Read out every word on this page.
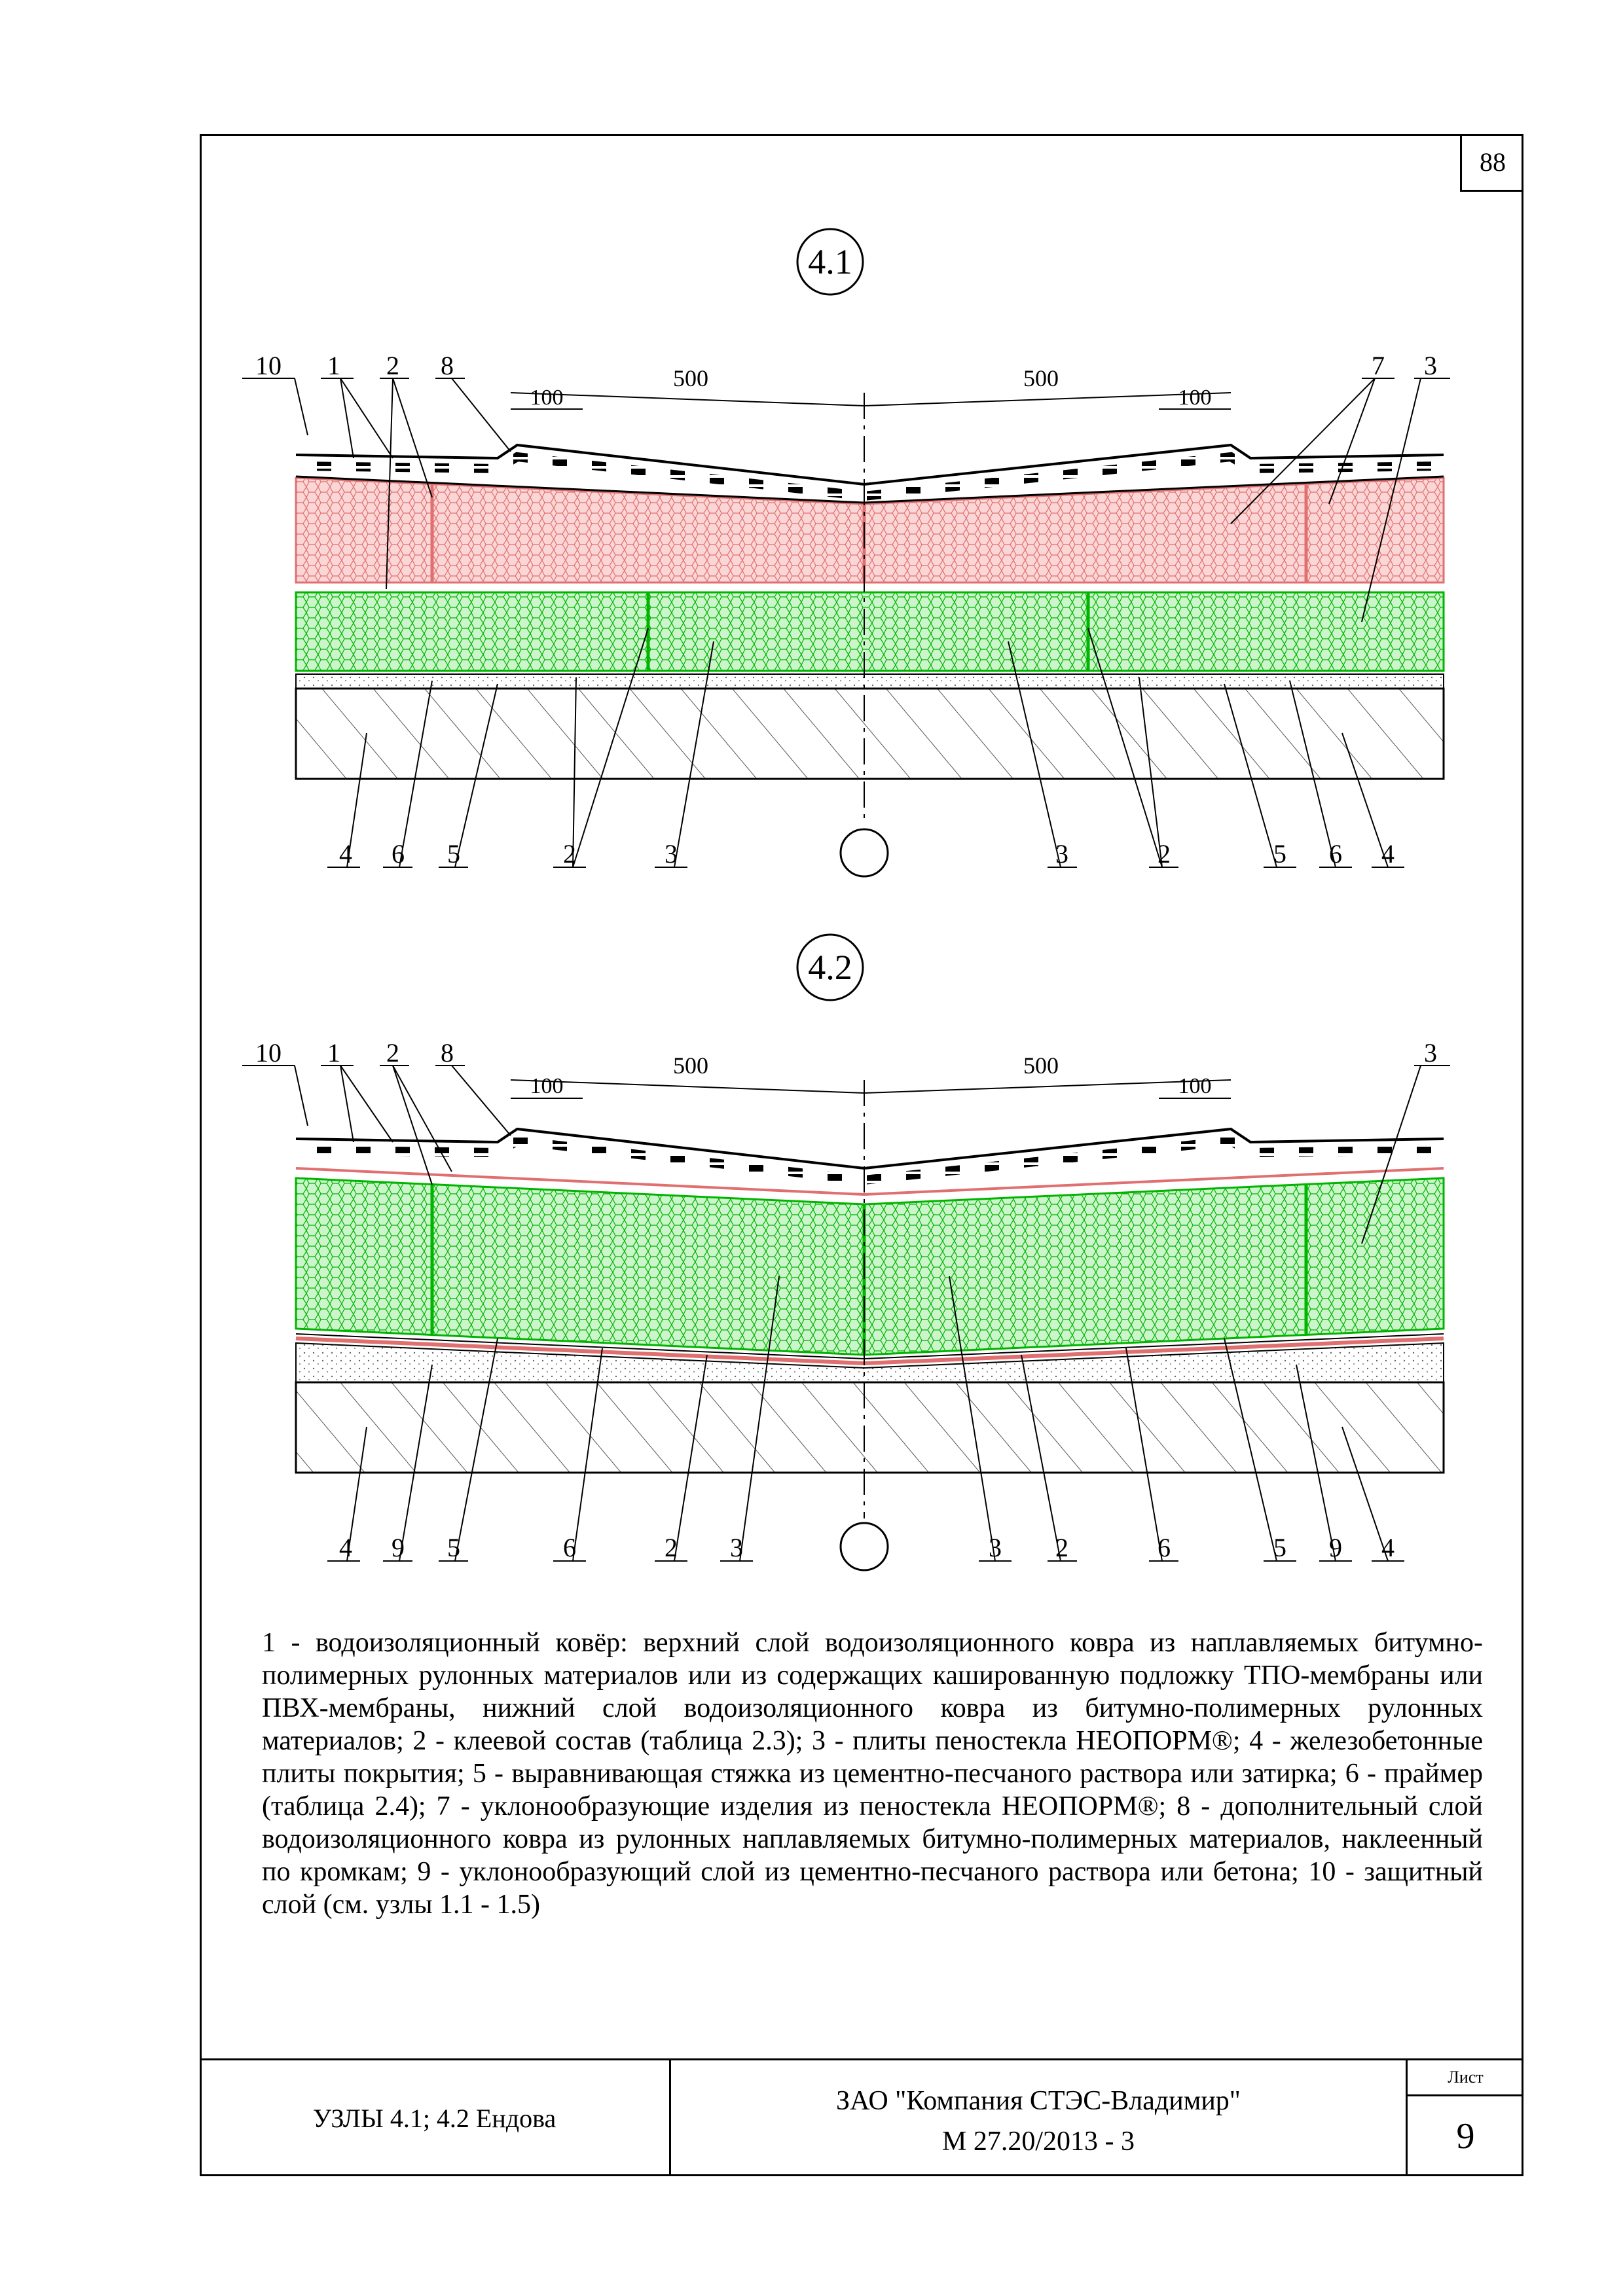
88
4.1
500	500
100	100
10 1 2 8	7 3
4 6 5	2	3	3	2	5 6 4
4.2
500	500
100	100
10 1 2 8	3
4 9 5	6	2 3	3 2	6	5 9 4
1 - водоизоляционный ковёр: верхний слой водоизоляционного ковра из наплавляемых битумно-полимерных рулонных материалов или из содержащих кашированную подложку ТПО-мембраны или ПВХ-мембраны, нижний слой водоизоляционного ковра из битумно-полимерных рулонных материалов; 2 - клеевой состав (таблица 2.3); 3 - плиты пеностекла НЕОПОРМ®; 4 - железобетонные плиты покрытия; 5 - выравнивающая стяжка из цементно-песчаного раствора или затирка; 6 - праймер (таблица 2.4); 7 - уклонообразующие изделия из пеностекла НЕОПОРМ®; 8 - дополнительный слой водоизоляционного ковра из рулонных наплавляемых битумно-полимерных материалов, наклеенный по кромкам; 9 - уклонообразующий слой из цементно-песчаного раствора или бетона; 10 - защитный слой (см. узлы 1.1 - 1.5)
УЗЛЫ 4.1; 4.2 Ендова
ЗАО "Компания СТЭС-Владимир"
М 27.20/2013 - 3
Лист
9
